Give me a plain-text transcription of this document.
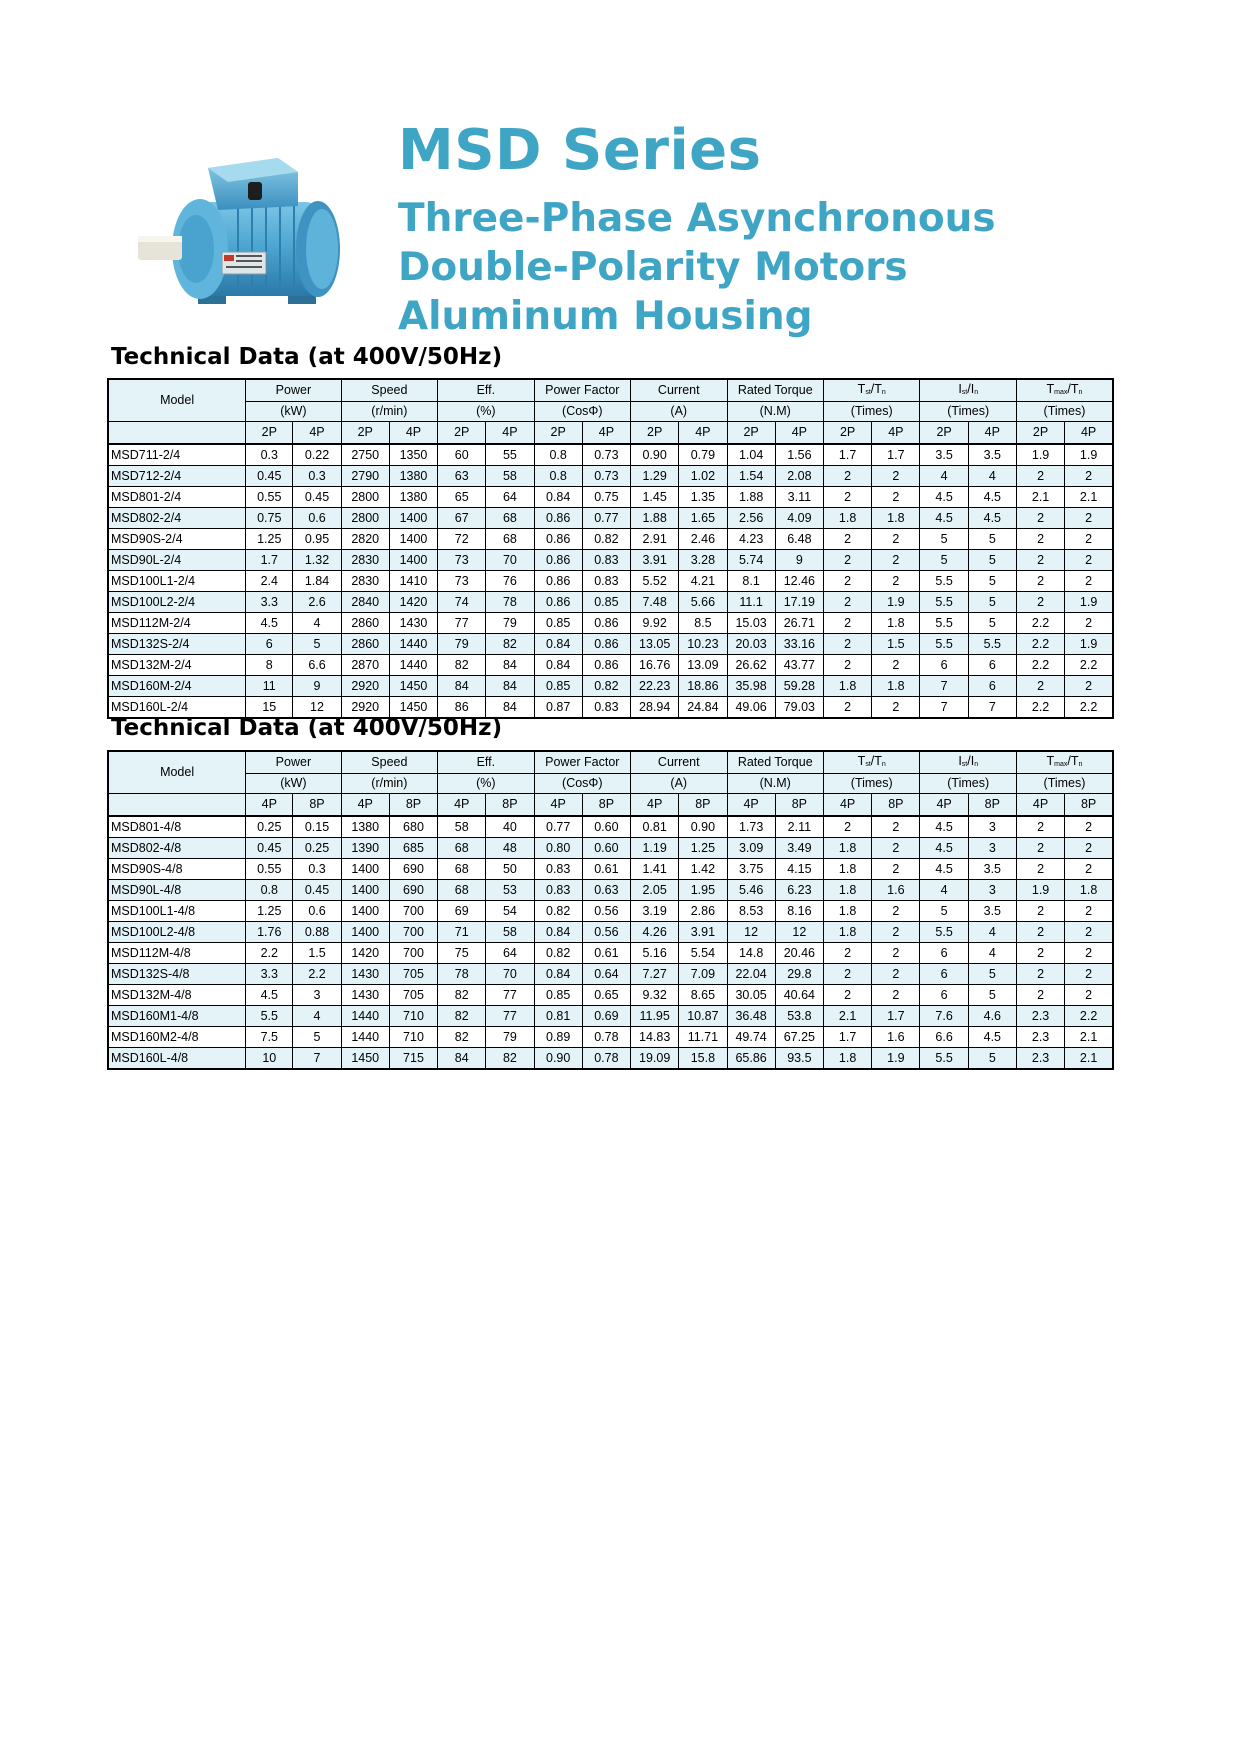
MSD Series
Three-Phase Asynchronous
Double-Polarity Motors
Aluminum Housing
Technical Data (at 400V/50Hz)
Technical Data (at 400V/50Hz)
Model	Power		Speed		Eff.		Power Factor		Current		Rated Torque		$T_{st}/T_n$		$I_{st}/I_n$		$T_{max}/T_n$
	(kW)		(r/min)		(%)		(CosΦ)		(A)		(N.M)		(Times)		(Times)		(Times)	
	2P	4P	2P	4P	2P	4P	2P	4P	2P	4P	2P	4P	2P	4P	2P	4P	2P	4P
MSD711-2/4	0.3	0.22	2750	1350	60	55	0.8	0.73	0.90	0.79	1.04	1.56	1.7	1.7	3.5	3.5	1.9	1.9
MSD712-2/4	0.45	0.3	2790	1380	63	58	0.8	0.73	1.29	1.02	1.54	2.08	2	2	4	4	2	2
MSD801-2/4	0.55	0.45	2800	1380	65	64	0.84	0.75	1.45	1.35	1.88	3.11	2	2	4.5	4.5	2.1	2.1
MSD802-2/4	0.75	0.6	2800	1400	67	68	0.86	0.77	1.88	1.65	2.56	4.09	1.8	1.8	4.5	4.5	2	2
MSD90S-2/4	1.25	0.95	2820	1400	72	68	0.86	0.82	2.91	2.46	4.23	6.48	2	2	5	5	2	2
MSD90L-2/4	1.7	1.32	2830	1400	73	70	0.86	0.83	3.91	3.28	5.74	9	2	2	5	5	2	2
MSD100L1-2/4	2.4	1.84	2830	1410	73	76	0.86	0.83	5.52	4.21	8.1	12.46	2	2	5.5	5	2	2
MSD100L2-2/4	3.3	2.6	2840	1420	74	78	0.86	0.85	7.48	5.66	11.1	17.19	2	1.9	5.5	5	2	1.9
MSD112M-2/4	4.5	4	2860	1430	77	79	0.85	0.86	9.92	8.5	15.03	26.71	2	1.8	5.5	5	2.2	2
MSD132S-2/4	6	5	2860	1440	79	82	0.84	0.86	13.05	10.23	20.03	33.16	2	1.5	5.5	5.5	2.2	1.9
MSD132M-2/4	8	6.6	2870	1440	82	84	0.84	0.86	16.76	13.09	26.62	43.77	2	2	6	6	2.2	2.2
MSD160M-2/4	11	9	2920	1450	84	84	0.85	0.82	22.23	18.86	35.98	59.28	1.8	1.8	7	6	2	2
MSD160L-2/4	15	12	2920	1450	86	84	0.87	0.83	28.94	24.84	49.06	79.03	2	2	7	7	2.2	2.2
Model	Power		Speed		Eff.		Power Factor		Current		Rated Torque		$T_{st}/T_n$		$I_{st}/I_n$		$T_{max}/T_n$
	(kW)		(r/min)		(%)		(CosΦ)		(A)		(N.M)		(Times)		(Times)		(Times)	
	4P	8P	4P	8P	4P	8P	4P	8P	4P	8P	4P	8P	4P	8P	4P	8P	4P	8P
MSD801-4/8	0.25	0.15	1380	680	58	40	0.77	0.60	0.81	0.90	1.73	2.11	2	2	4.5	3	2	2
MSD802-4/8	0.45	0.25	1390	685	68	48	0.80	0.60	1.19	1.25	3.09	3.49	1.8	2	4.5	3	2	2
MSD90S-4/8	0.55	0.3	1400	690	68	50	0.83	0.61	1.41	1.42	3.75	4.15	1.8	2	4.5	3.5	2	2
MSD90L-4/8	0.8	0.45	1400	690	68	53	0.83	0.63	2.05	1.95	5.46	6.23	1.8	1.6	4	3	1.9	1.8
MSD100L1-4/8	1.25	0.6	1400	700	69	54	0.82	0.56	3.19	2.86	8.53	8.16	1.8	2	5	3.5	2	2
MSD100L2-4/8	1.76	0.88	1400	700	71	58	0.84	0.56	4.26	3.91	12	12	1.8	2	5.5	4	2	2
MSD112M-4/8	2.2	1.5	1420	700	75	64	0.82	0.61	5.16	5.54	14.8	20.46	2	2	6	4	2	2
MSD132S-4/8	3.3	2.2	1430	705	78	70	0.84	0.64	7.27	7.09	22.04	29.8	2	2	6	5	2	2
MSD132M-4/8	4.5	3	1430	705	82	77	0.85	0.65	9.32	8.65	30.05	40.64	2	2	6	5	2	2
MSD160M1-4/8	5.5	4	1440	710	82	77	0.81	0.69	11.95	10.87	36.48	53.8	2.1	1.7	7.6	4.6	2.3	2.2
MSD160M2-4/8	7.5	5	1440	710	82	79	0.89	0.78	14.83	11.71	49.74	67.25	1.7	1.6	6.6	4.5	2.3	2.1
MSD160L-4/8	10	7	1450	715	84	82	0.90	0.78	19.09	15.8	65.86	93.5	1.8	1.9	5.5	5	2.3	2.1
